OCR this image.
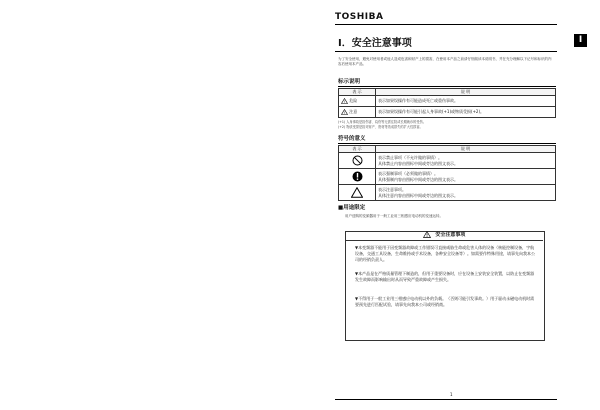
TOSHIBA
I
I．安全注意事项
为了安全使用，避免对使用者或他人造成危害和财产上的损害，在使用本产品之前请仔细阅读本说明书，并在充分理解以下记号和标识的内容后使用本产品。
标示说明
表 示	说 明

! 危险	表示如果误操作有可能造成死亡或重伤事故。

! 注意	表示如果误操作有可能引起人身事故(+1)或物质受损(+2)。
(+1) 人身事故是指伤害、烧伤等无需住院或长期就诊的受伤。
(+2) 物质受损是指对财产、资材等造成损失的扩大性损害。
符号的意义
表 示	说 明

表示禁止事项（不允许做的事情）。
具体禁止内容由图标中间或旁边的图文表示。

表示强制事项（必须做的事情）。
具体强制内容由图标中间或旁边的图文表示。

表示注意事项。
具体注意内容由图标中间或旁边的图文表示。
■用途限定
用户选购的变频器用于一般工业用三相感应电动机的变速运转。
! 安全注意事项
▼本变频器不能用于因变频器故障或工作错误可直接威胁生命或危害人体的设备（核能控制设备，宇航设备，交通工具设备，生命维持或手术设备，各种安全设备等）。如需要作特殊用途，请事先向我本公司的经销负责人。
▼本产品是在严格质量管理下制造的，但用于重要设备时，应在设备上安装安全装置，以防止在变频器发生故障而影响输出时从而导致严重故障或产生损失。
▼不得用于一般工业用三相感应电动机以外的负载。（否则可能引发事故。）用于驱动永磁电动机时需要预先进行匹配试验，请事先向我本公司或经销商。
1
